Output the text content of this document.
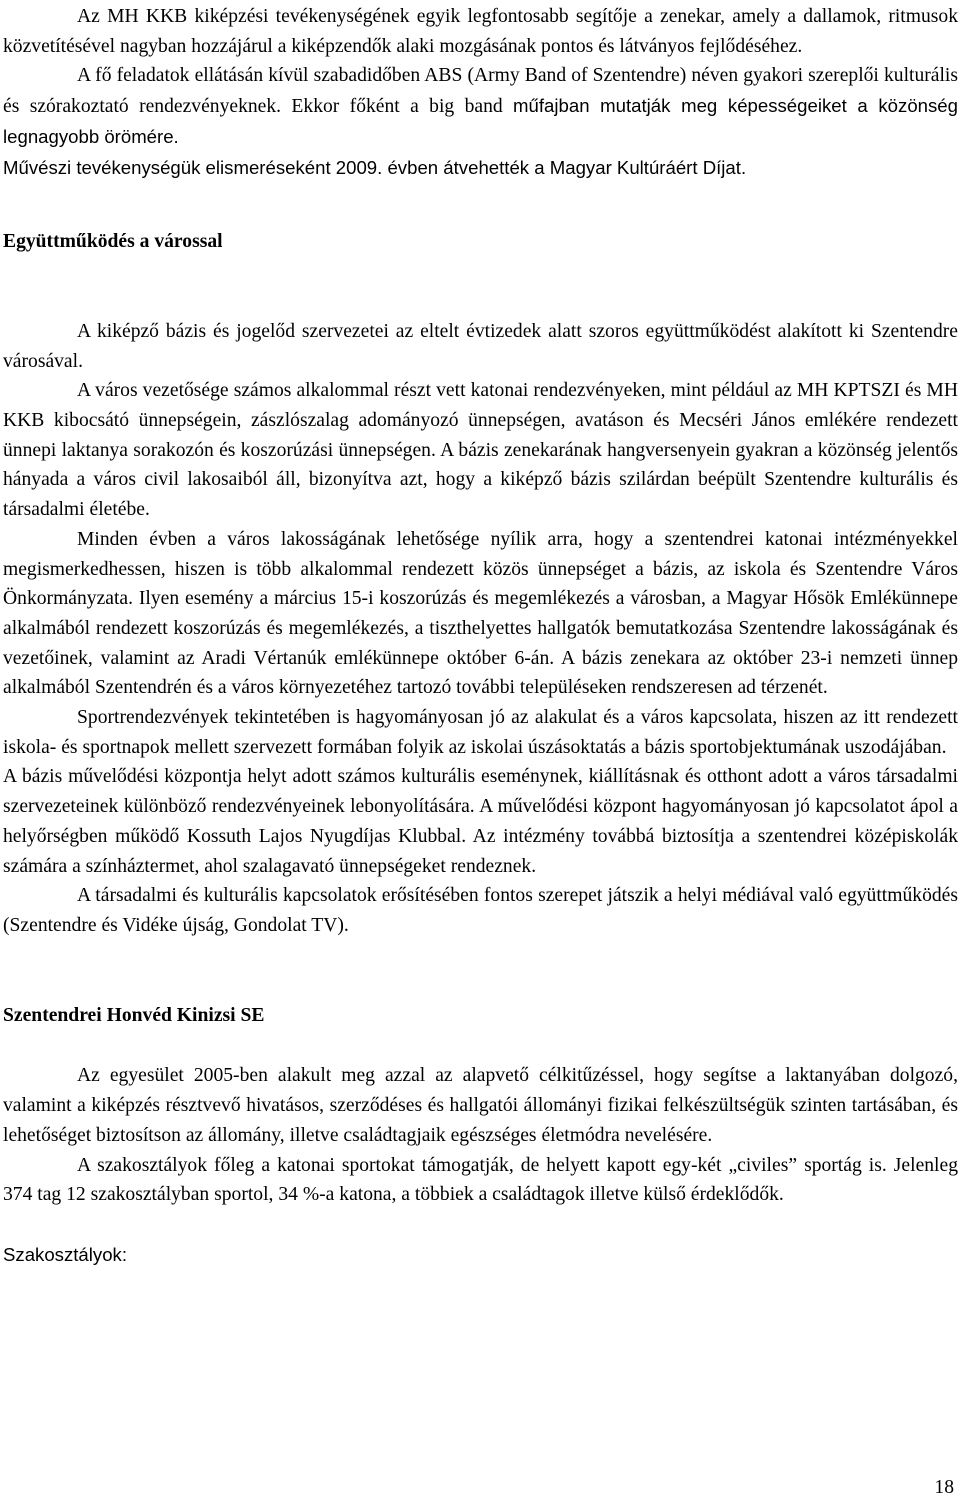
Az MH KKB kiképzési tevékenységének egyik legfontosabb segítője a zenekar, amely a dallamok, ritmusok közvetítésével nagyban hozzájárul a kiképzendők alaki mozgásának pontos és látványos fejlődéséhez.

A fő feladatok ellátásán kívül szabadidőben ABS (Army Band of Szentendre) néven gyakori szereplői kulturális és szórakoztató rendezvényeknek. Ekkor főként a big band műfajban mutatják meg képességeiket a közönség legnagyobb örömére.

Művészi tevékenységük elismeréseként 2009. évben átvehették a Magyar Kultúráért Díjat.

Együttműködés a várossal

A kiképző bázis és jogelőd szervezetei az eltelt évtizedek alatt szoros együttműködést alakított ki Szentendre városával.

A város vezetősége számos alkalommal részt vett katonai rendezvényeken, mint például az MH KPTSZI és MH KKB kibocsátó ünnepségein, zászlószalag adományozó ünnepségen, avatáson és Mecséri János emlékére rendezett ünnepi laktanya sorakozón és koszorúzási ünnepségen. A bázis zenekarának hangversenyein gyakran a közönség jelentős hányada a város civil lakosaiból áll, bizonyítva azt, hogy a kiképző bázis szilárdan beépült Szentendre kulturális és társadalmi életébe.

Minden évben a város lakosságának lehetősége nyílik arra, hogy a szentendrei katonai intézményekkel megismerkedhessen, hiszen is több alkalommal rendezett közös ünnepséget a bázis, az iskola és Szentendre Város Önkormányzata. Ilyen esemény a március 15-i koszorúzás és megemlékezés a városban, a Magyar Hősök Emlékünnepe alkalmából rendezett koszorúzás és megemlékezés, a tiszthelyettes hallgatók bemutatkozása Szentendre lakosságának és vezetőinek, valamint az Aradi Vértanúk emlékünnepe október 6-án. A bázis zenekara az október 23-i nemzeti ünnep alkalmából Szentendrén és a város környezetéhez tartozó további településeken rendszeresen ad térzenét.

Sportrendezvények tekintetében is hagyományosan jó az alakulat és a város kapcsolata, hiszen az itt rendezett iskola- és sportnapok mellett szervezett formában folyik az iskolai úszásoktatás a bázis sportobjektumának uszodájában.

A bázis művelődési központja helyt adott számos kulturális eseménynek, kiállításnak és otthont adott a város társadalmi szervezeteinek különböző rendezvényeinek lebonyolítására. A művelődési központ hagyományosan jó kapcsolatot ápol a helyőrségben működő Kossuth Lajos Nyugdíjas Klubbal. Az intézmény továbbá biztosítja a szentendrei középiskolák számára a színháztermet, ahol szalagavató ünnepségeket rendeznek.

A társadalmi és kulturális kapcsolatok erősítésében fontos szerepet játszik a helyi médiával való együttműködés (Szentendre és Vidéke újság, Gondolat TV).

Szentendrei Honvéd Kinizsi SE

Az egyesület 2005-ben alakult meg azzal az alapvető célkitűzéssel, hogy segítse a laktanyában dolgozó, valamint a kiképzés résztvevő hivatásos, szerződéses és hallgatói állományi fizikai felkészültségük szinten tartásában, és lehetőséget biztosítson az állomány, illetve családtagjaik egészséges életmódra nevelésére.

A szakosztályok főleg a katonai sportokat támogatják, de helyett kapott egy-két „civiles” sportág is. Jelenleg 374 tag 12 szakosztályban sportol, 34 %-a katona, a többiek a családtagok illetve külső érdeklődők.

Szakosztályok:

18
